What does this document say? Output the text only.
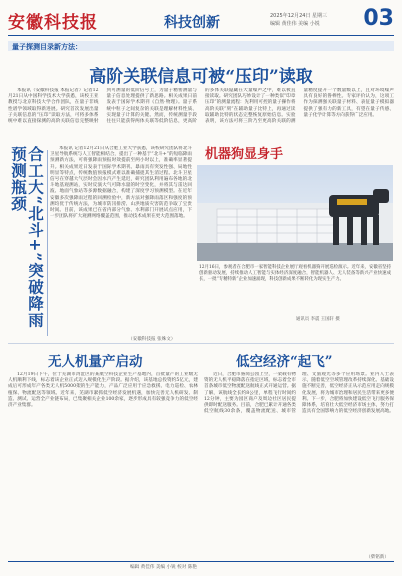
安徽科技报	科技创新	2025年12月24日 星期三
编辑 黄佳伟 美编 小锐	03
量子探测目录新方法：
高阶关联信息可被“压印”读取

本报讯（安徽科技报 本报记者）记者12月21日从中国科学技术大学获悉，该校王亚教授与北京科技大学合作团队，在量子非线性谱学领域取得新进展。研究首次发展出量子关联信息的“压印”读取方法，可将多体系统中难以直接探测的高阶关联信息完整映射到可测量的低阶信号上，为量子精密测量与量子信息处理提供了新思路。相关成果日前发表于国际学术期刊《自然·物理》。量子系统中粒子之间复杂的关联是理解材料性质、实现量子计算的关键。然而，传统测量手段往往只能获得两体关联等低阶信息，更高阶的多体关联隐藏在大量噪声之中，难以被直接读取。研究团队巧妙设计了一种类似“印章压印”的测量流程：先利用可控的量子操作将高阶关联“刻”在辅助量子比特上，再通过读取辅助比特的状态完整恢复原始信息。实验表明，该方法可将三阶乃至更高阶关联的测量精度提升一个数量级以上，且对环境噪声具有良好的鲁棒性。专家评价认为，这项工作为探测强关联量子材料、表征量子模拟器提供了强有力的新工具，有望在量子传感、量子化学计算等方向获得广泛应用。

合工大“北斗+”突破降雨预测瓶颈	本报讯 记者12月21日从合肥工业大学获悉，该校研究团队将北斗卫星导航系统与人工智能相结合，提出了一种基于“北斗+”的短临降雨预测新方法，可将强降雨预报时效提前至两小时以上，准确率显著提升。相关成果近日发表于国际学术期刊。暴雨具有突发性强、局地性明显等特点，传统数值预报模式难以准确捕捉其生消过程。北斗卫星信号在穿越大气层时会因水汽产生延迟，研究团队利用遍布各地的北斗地基观测站，实时反演大气可降水量的时空变化，并将其与雷达回波、地面气象站等多源数据融合，构建了深度学习预测模型。在近年安徽多次强降雨过程的回溯检验中，新方法对强降雨落区和强度的预测均优于传统方法，为城市防汛排涝、山洪地质灾害防范争取了宝贵时间。目前，该成果已在省内部分气象、水利部门开展试点应用，下一步团队将扩大观测网络覆盖范围，推动技术成果在更大范围落地。

（安徽科技报 张姝文）
机器狗显身手
12月16日，参观者在合肥市一家智能科技企业展厅观看机器狗开展巡检演示。近年来，安徽省坚持创新驱动发展，持续推动人工智能与实体经济深度融合，智能机器人、无人装备等新兴产业快速成长，一批“专精特新”企业加速涌现，科技创新成果不断转化为现实生产力。
通讯员 李震 王国轩 摄
无人机量产启动

12月19日下午，位于芜湖市湾沚区的某航空科技企业生产基地内，首批量产的工业级无人机顺利下线，标志着该企业正式迈入规模化生产阶段。据介绍，该基地总投资约5亿元，建成后可形成年产各类无人机5000架的生产能力，产品广泛应用于应急救援、电力巡检、农林植保、物流配送等领域。近年来，芜湖市紧抓低空经济发展机遇，加快完善无人机研发、制造、测试、运营全产业链布局，已集聚相关企业100余家，逐步形成具有较强竞争力的低空经济产业集群。

低空经济“起飞”

近日，合肥市骆岗公园上空，一架载有物资的无人机平稳降落在指定区域，标志着全市首条城市低空物流配送航线正式开通运营。据了解，该航线全长约8公里，单程飞行时间约12分钟，主要为园区商户及周边社区居民提供即时配送服务。目前，合肥已累计开通各类低空航线30余条，覆盖物流配送、城市管理、文旅观光等多个应用场景。业内人士表示，随着低空空域管理改革持续深化、基础设施不断完善，低空经济正从示范应用走向规模化发展，将为城市治理和居民生活带来更多便利。下一步，合肥将加快建设低空飞行服务保障体系，培育壮大低空经济市场主体，努力打造具有全国影响力的低空经济创新发展高地。

（柴铭新）
编辑 黄佳伟 美编 小锐 校对 陈艳
